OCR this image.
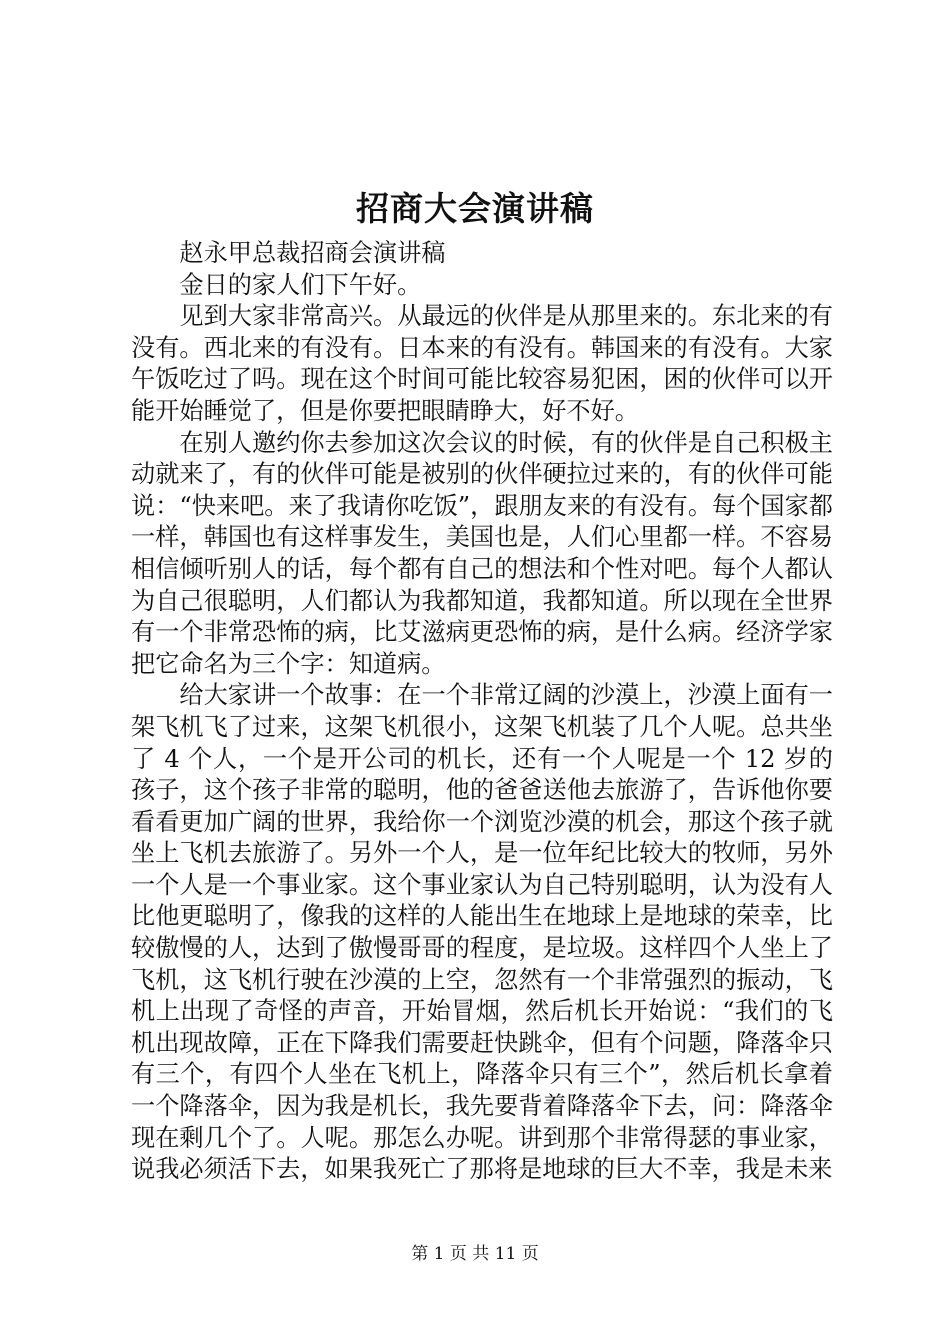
招商大会演讲稿

赵永甲总裁招商会演讲稿

金日的家人们下午好。

见到大家非常高兴。从最远的伙伴是从那里来的。东北来的有没有。西北来的有没有。日本来的有没有。韩国来的有没有。大家午饭吃过了吗。现在这个时间可能比较容易犯困，困的伙伴可以开能开始睡觉了，但是你要把眼睛睁大，好不好。

在别人邀约你去参加这次会议的时候，有的伙伴是自己积极主动就来了，有的伙伴可能是被别的伙伴硬拉过来的，有的伙伴可能说：“快来吧。来了我请你吃饭”，跟朋友来的有没有。每个国家都一样，韩国也有这样事发生，美国也是，人们心里都一样。不容易相信倾听别人的话，每个都有自己的想法和个性对吧。每个人都认为自己很聪明，人们都认为我都知道，我都知道。所以现在全世界有一个非常恐怖的病，比艾滋病更恐怖的病，是什么病。经济学家把它命名为三个字：知道病。

给大家讲一个故事：在一个非常辽阔的沙漠上，沙漠上面有一架飞机飞了过来，这架飞机很小，这架飞机装了几个人呢。总共坐了 4 个人，一个是开公司的机长，还有一个人呢是一个 12 岁的孩子，这个孩子非常的聪明，他的爸爸送他去旅游了，告诉他你要看看更加广阔的世界，我给你一个浏览沙漠的机会，那这个孩子就坐上飞机去旅游了。另外一个人，是一位年纪比较大的牧师，另外一个人是一个事业家。这个事业家认为自己特别聪明，认为没有人比他更聪明了，像我的这样的人能出生在地球上是地球的荣幸，比较傲慢的人，达到了傲慢哥哥的程度，是垃圾。这样四个人坐上了飞机，这飞机行驶在沙漠的上空，忽然有一个非常强烈的振动，飞机上出现了奇怪的声音，开始冒烟，然后机长开始说：“我们的飞机出现故障，正在下降我们需要赶快跳伞，但有个问题，降落伞只有三个，有四个人坐在飞机上，降落伞只有三个”，然后机长拿着一个降落伞，因为我是机长，我先要背着降落伞下去，问：降落伞现在剩几个了。人呢。那怎么办呢。讲到那个非常得瑟的事业家，说我必须活下去，如果我死亡了那将是地球的巨大不幸，我是未来

第 1 页 共 11 页
